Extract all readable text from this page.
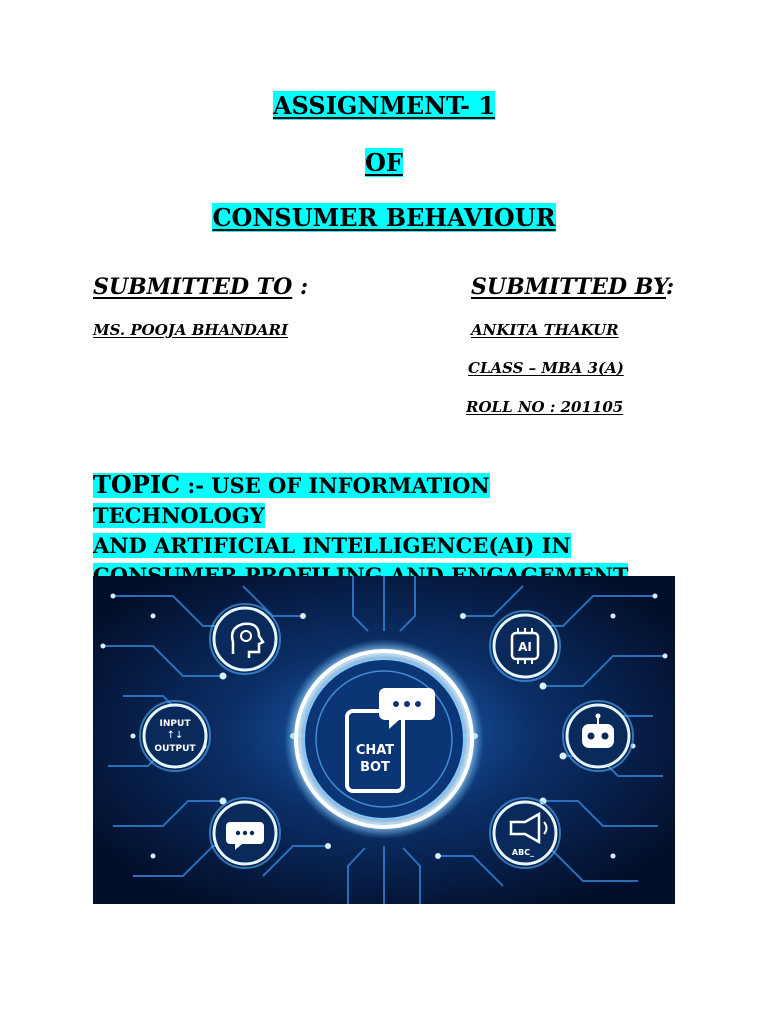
ASSIGNMENT- 1
OF
CONSUMER BEHAVIOUR
SUBMITTED TO :	SUBMITTED BY:
MS. POOJA BHANDARI	ANKITA THAKUR
CLASS – MBA 3(A)
ROLL NO : 201105
TOPIC :- USE OF INFORMATION TECHNOLOGY
AND ARTIFICIAL INTELLIGENCE(AI) IN

AI
INPUT
↑↓
OUTPUT
ABC_
CHAT
BOT
